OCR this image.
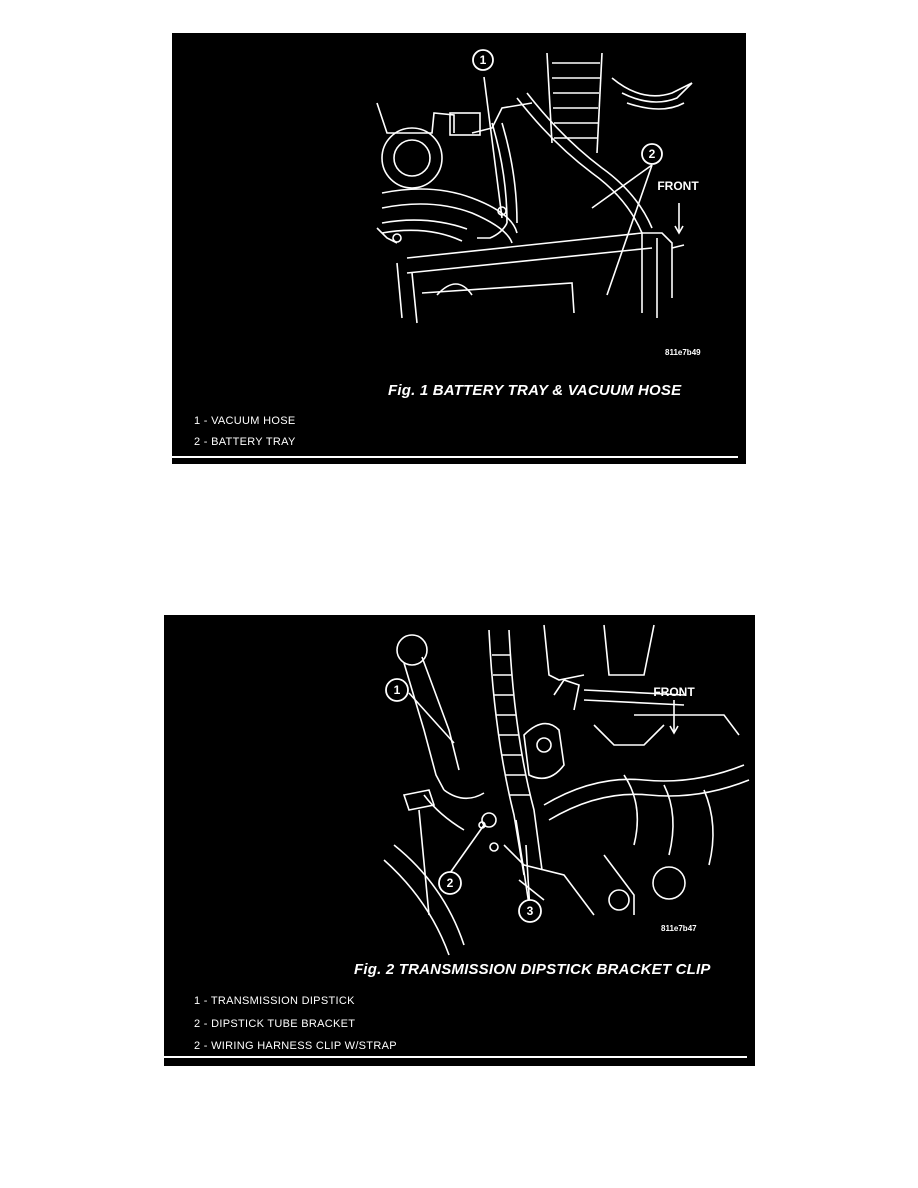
1
2
FRONT
811e7b49
Fig. 1 BATTERY TRAY & VACUUM HOSE
1 - VACUUM HOSE
2 - BATTERY TRAY
1
2
3
FRONT
811e7b47
Fig. 2 TRANSMISSION DIPSTICK BRACKET CLIP
1 - TRANSMISSION DIPSTICK
2 - DIPSTICK TUBE BRACKET
2 - WIRING HARNESS CLIP W/STRAP
